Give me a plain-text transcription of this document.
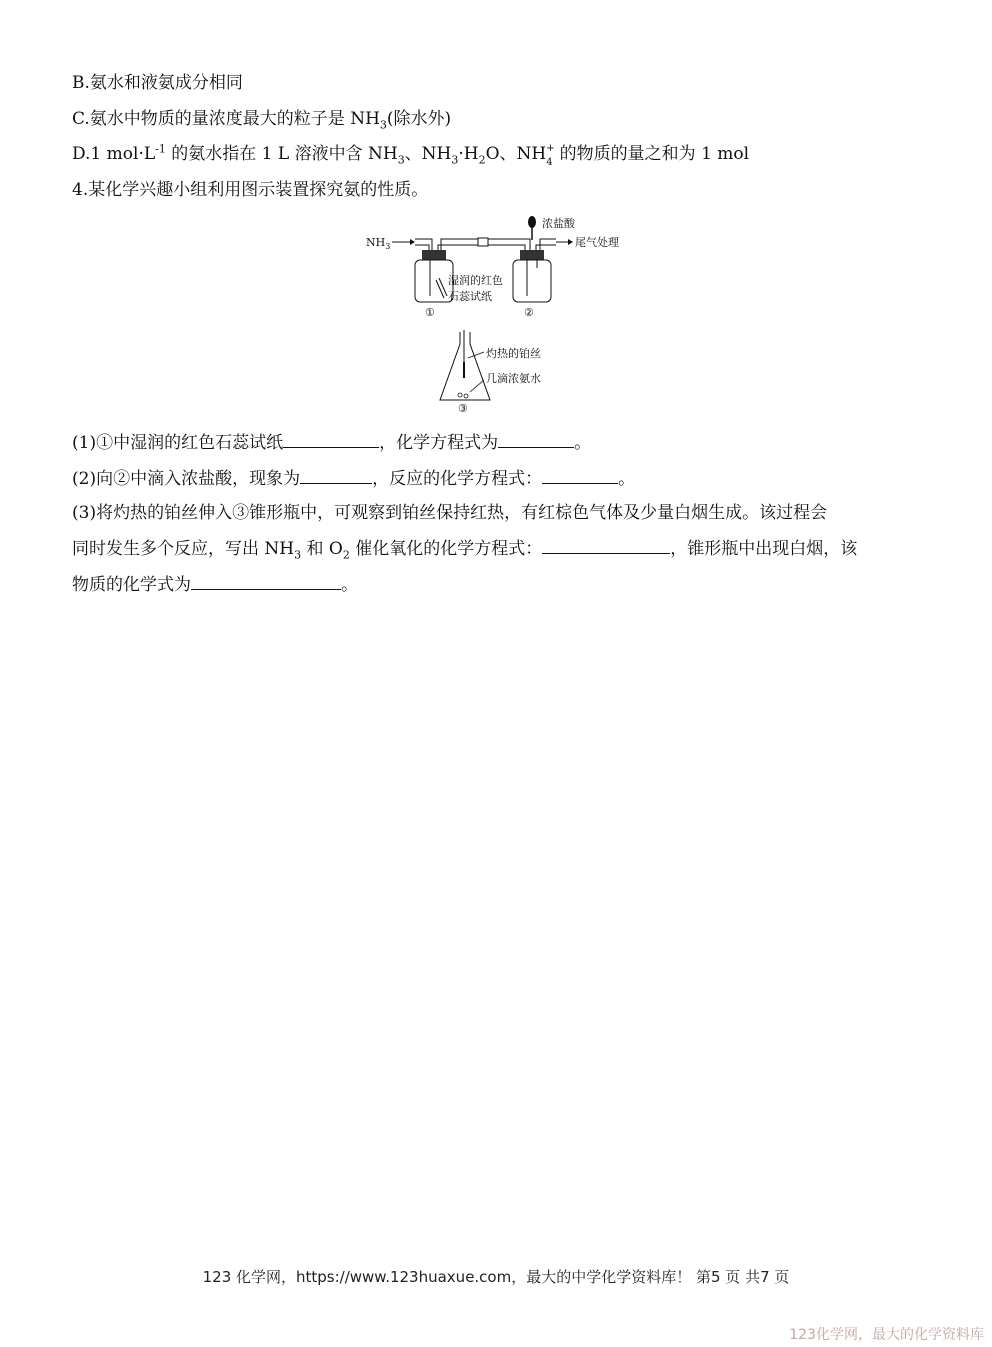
B.氨水和液氨成分相同
C.氨水中物质的量浓度最大的粒子是 $NH_3$(除水外)
D.1 $mol\cdot L^{-1}$ 的氨水指在 1 L 溶液中含 $NH_3$、$NH_3\cdot H_2O$、NH +
4 的物质的量之和为 1 mol
4.某化学兴趣小组利用图示装置探究氨的性质。
$NH_3$	尾气处理
浓盐酸
湿润的红色
石蕊试纸
①	②
灼热的铂丝
几滴浓氨水
③
(1)①中湿润的红色石蕊试纸	，化学方程式为	。
(2)向②中滴入浓盐酸，现象为	，反应的化学方程式：	。
(3)将灼热的铂丝伸入③锥形瓶中，可观察到铂丝保持红热，有红棕色气体及少量白烟生成。该过程会
同时发生多个反应，写出 $NH_3$ 和 $O_2$ 催化氧化的化学方程式：	，锥形瓶中出现白烟，该
物质的化学式为	。
123 化学网，https://www.123huaxue.com，最大的中学化学资料库！ 第5 页 共7 页
123化学网，最大的化学资料库
